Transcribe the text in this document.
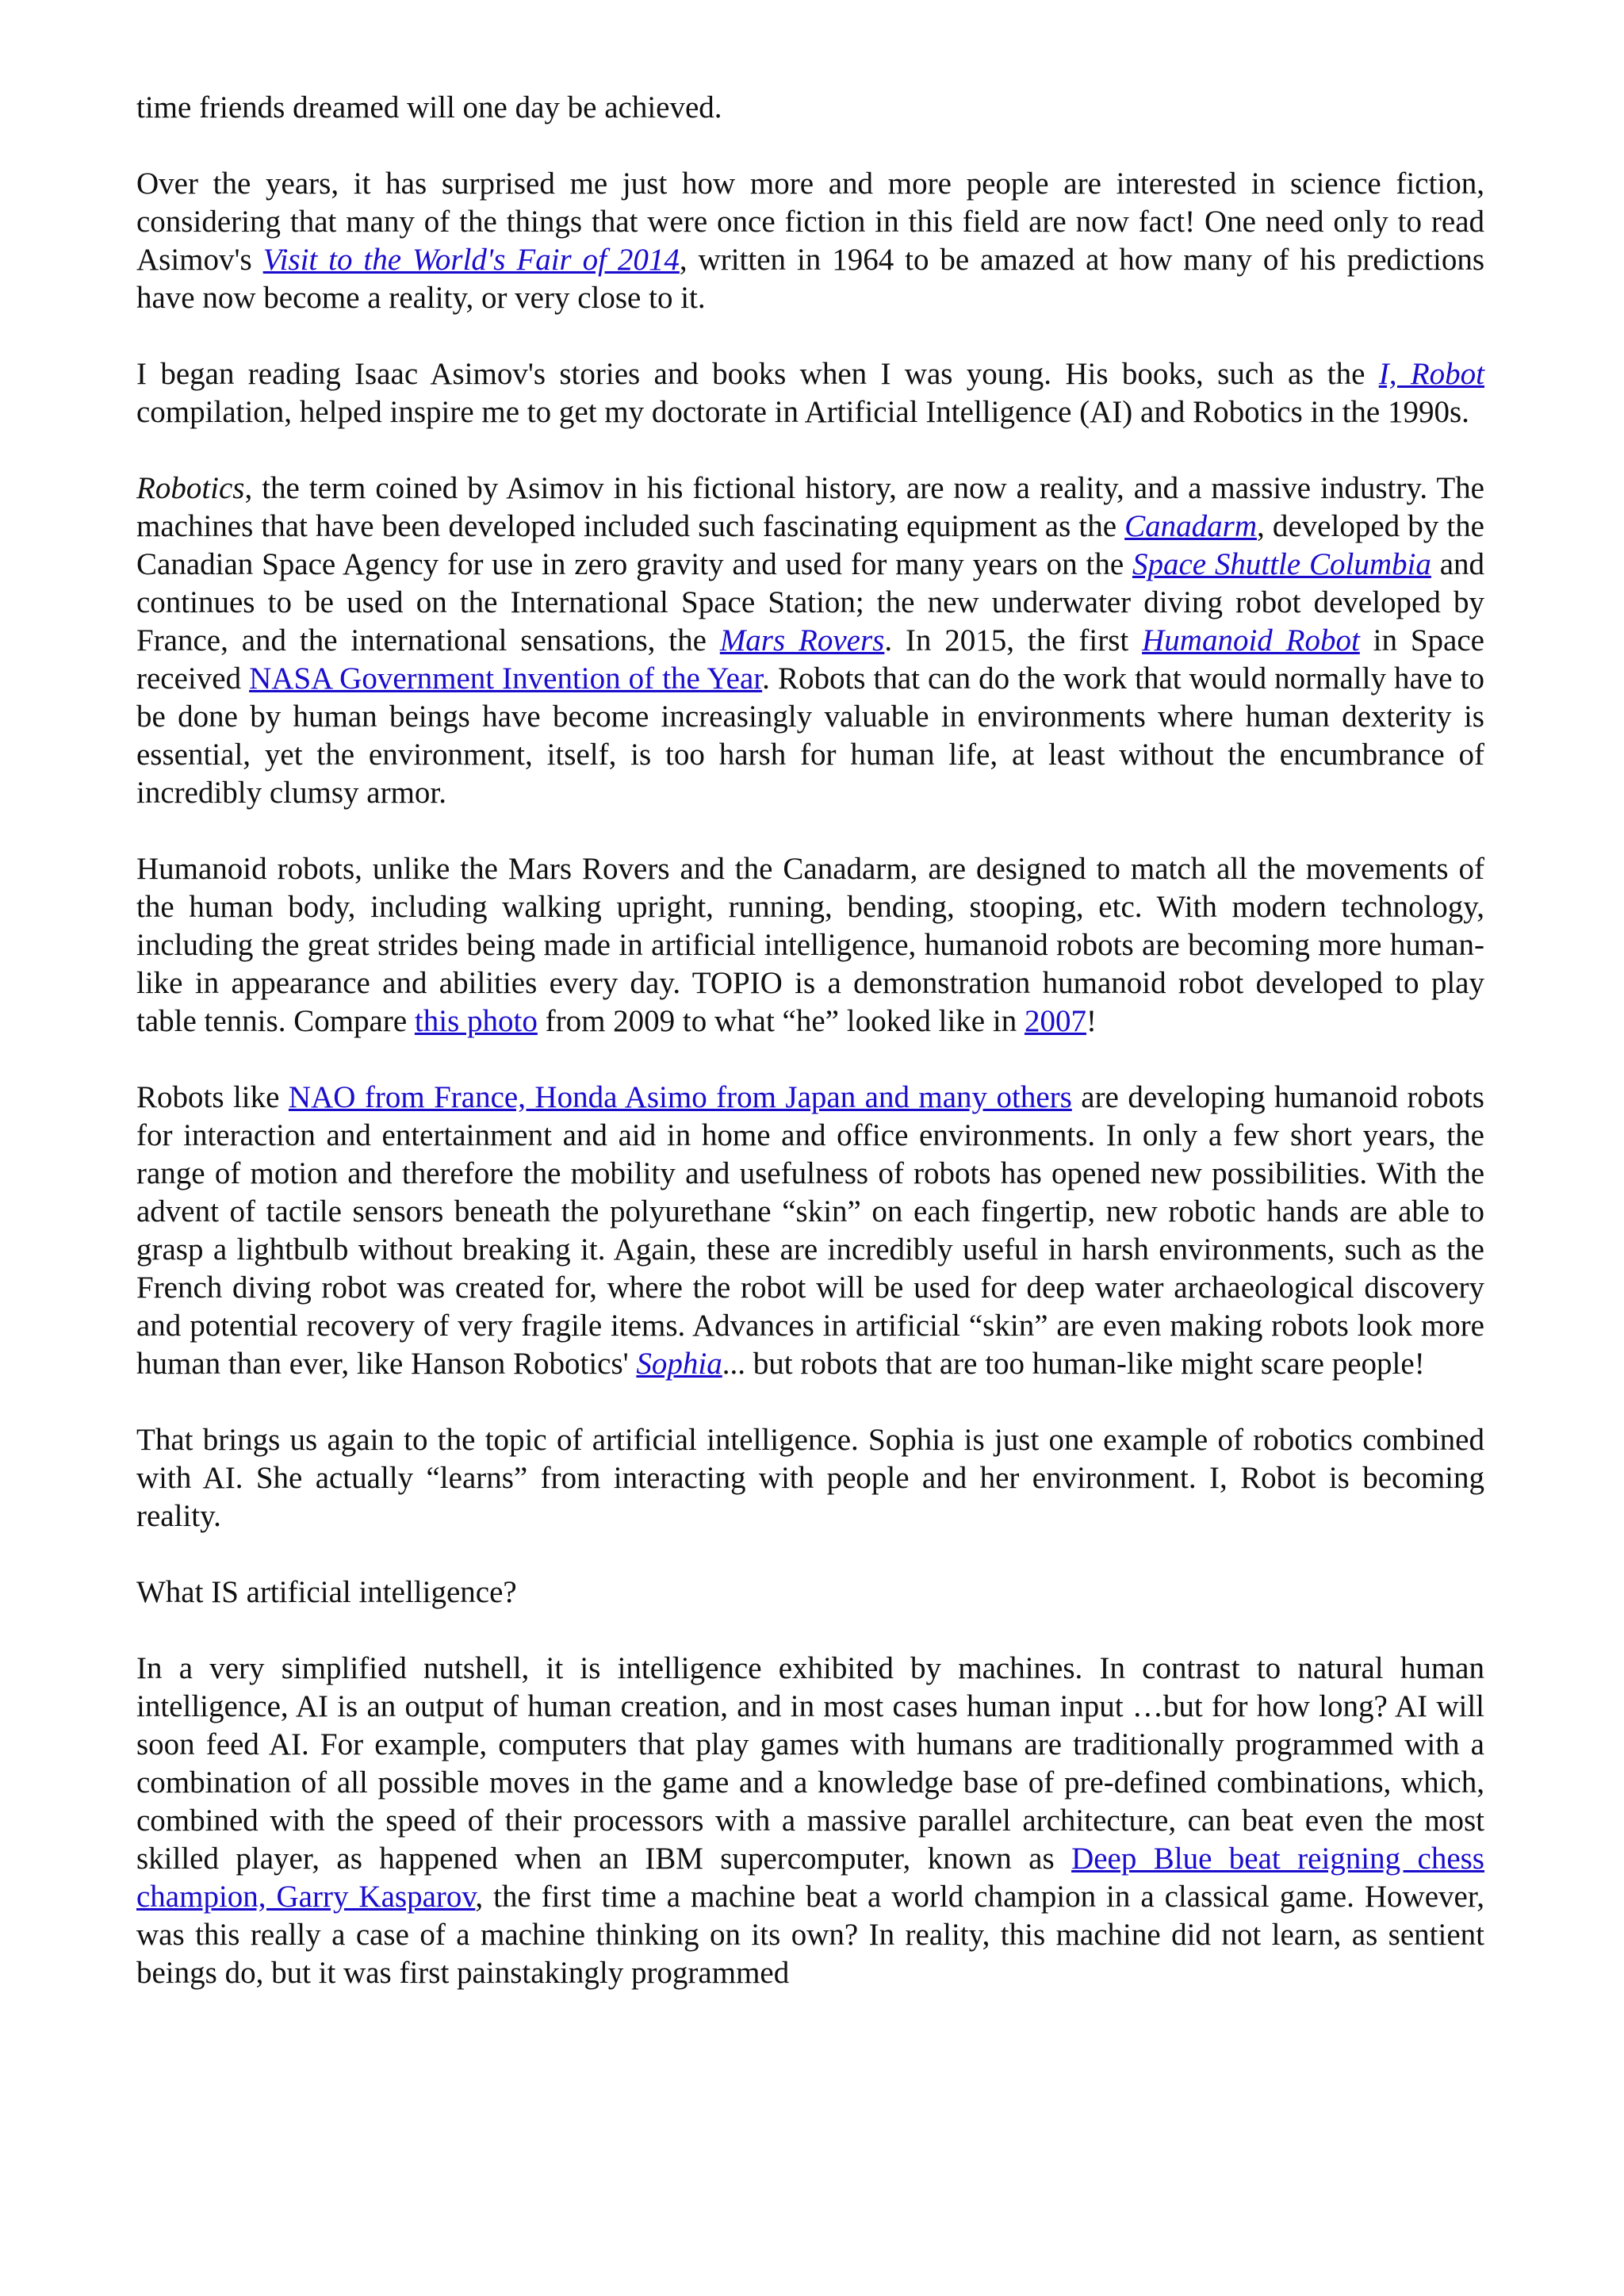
time friends dreamed will one day be achieved.

Over the years, it has surprised me just how more and more people are interested in science fiction, considering that many of the things that were once fiction in this field are now fact! One need only to read Asimov's Visit to the World's Fair of 2014, written in 1964 to be amazed at how many of his predictions have now become a reality, or very close to it.

I began reading Isaac Asimov's stories and books when I was young. His books, such as the I, Robot compilation, helped inspire me to get my doctorate in Artificial Intelligence (AI) and Robotics in the 1990s.

Robotics, the term coined by Asimov in his fictional history, are now a reality, and a massive industry. The machines that have been developed included such fascinating equipment as the Canadarm, developed by the Canadian Space Agency for use in zero gravity and used for many years on the Space Shuttle Columbia and continues to be used on the International Space Station; the new underwater diving robot developed by France, and the international sensations, the Mars Rovers. In 2015, the first Humanoid Robot in Space received NASA Government Invention of the Year. Robots that can do the work that would normally have to be done by human beings have become increasingly valuable in environments where human dexterity is essential, yet the environment, itself, is too harsh for human life, at least without the encumbrance of incredibly clumsy armor.

Humanoid robots, unlike the Mars Rovers and the Canadarm, are designed to match all the movements of the human body, including walking upright, running, bending, stooping, etc. With modern technology, including the great strides being made in artificial intelligence, humanoid robots are becoming more human-like in appearance and abilities every day. TOPIO is a demonstration humanoid robot developed to play table tennis. Compare this photo from 2009 to what “he” looked like in 2007!

Robots like NAO from France, Honda Asimo from Japan and many others are developing humanoid robots for interaction and entertainment and aid in home and office environments. In only a few short years, the range of motion and therefore the mobility and usefulness of robots has opened new possibilities. With the advent of tactile sensors beneath the polyurethane “skin” on each fingertip, new robotic hands are able to grasp a lightbulb without breaking it. Again, these are incredibly useful in harsh environments, such as the French diving robot was created for, where the robot will be used for deep water archaeological discovery and potential recovery of very fragile items. Advances in artificial “skin” are even making robots look more human than ever, like Hanson Robotics' Sophia... but robots that are too human-like might scare people!

That brings us again to the topic of artificial intelligence. Sophia is just one example of robotics combined with AI. She actually “learns” from interacting with people and her environment. I, Robot is becoming reality.

What IS artificial intelligence?

In a very simplified nutshell, it is intelligence exhibited by machines. In contrast to natural human intelligence, AI is an output of human creation, and in most cases human input …but for how long? AI will soon feed AI. For example, computers that play games with humans are traditionally programmed with a combination of all possible moves in the game and a knowledge base of pre-defined combinations, which, combined with the speed of their processors with a massive parallel architecture, can beat even the most skilled player, as happened when an IBM supercomputer, known as Deep Blue beat reigning chess champion, Garry Kasparov, the first time a machine beat a world champion in a classical game. However, was this really a case of a machine thinking on its own? In reality, this machine did not learn, as sentient beings do, but it was first painstakingly programmed
